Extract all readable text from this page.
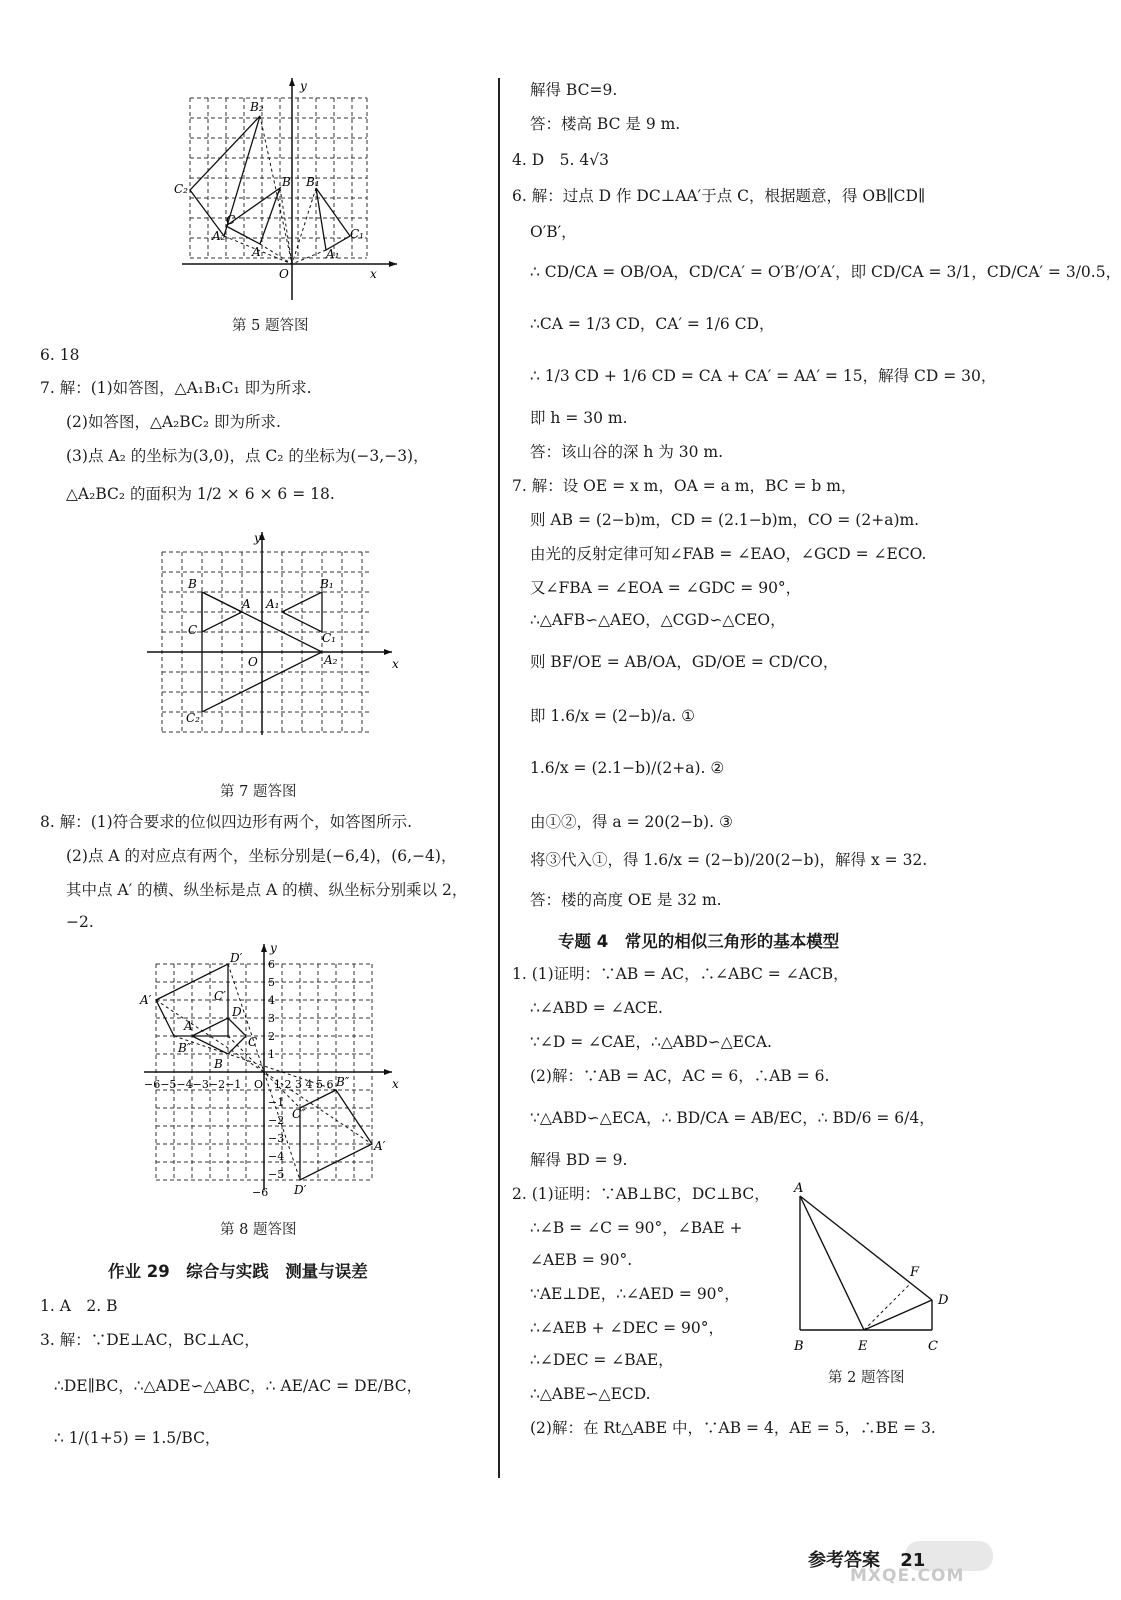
y
x
O
B₂
C₂
A₂
C
B
A
B₁
C₁
A₁
第 5 题答图
6. 18
7. 解：(1)如答图，△A₁B₁C₁ 即为所求.
(2)如答图，△A₂BC₂ 即为所求.
(3)点 A₂ 的坐标为(3,0)，点 C₂ 的坐标为(−3,−3)，
△A₂BC₂ 的面积为 1/2 × 6 × 6 = 18.
y
x
O
B	B₁
A A₁
C
C₁
A₂
C₂
第 7 题答图
8. 解：(1)符合要求的位似四边形有两个，如答图所示.
(2)点 A 的对应点有两个，坐标分别是(−6,4)，(6,−4)，
其中点 A′ 的横、纵坐标是点 A 的横、纵坐标分别乘以 2，
−2.
y
x
−6−5−4−3−2−1 O 1 2 3 4 5 6
6
5
4
3
2
1
−1
−2
−3
−4
−5
−6
A′
D′
C′
D
A
C
B″
B
B″
C″
A′
D′
第 8 题答图
作业 29　综合与实践　测量与误差
1. A　2. B
3. 解：∵DE⊥AC，BC⊥AC，
∴DE∥BC，∴△ADE∽△ABC，∴ AE/AC = DE/BC，
∴ 1/(1+5) = 1.5/BC，
解得 BC=9.
答：楼高 BC 是 9 m.
4. D　5. 4√3
6. 解：过点 D 作 DC⊥AA′于点 C，根据题意，得 OB∥CD∥
O′B′，
∴ CD/CA = OB/OA，CD/CA′ = O′B′/O′A′，即 CD/CA = 3/1，CD/CA′ = 3/0.5，
∴CA = 1/3 CD，CA′ = 1/6 CD，
∴ 1/3 CD + 1/6 CD = CA + CA′ = AA′ = 15，解得 CD = 30，
即 h = 30 m.
答：该山谷的深 h 为 30 m.
7. 解：设 OE = x m，OA = a m，BC = b m，
则 AB = (2−b)m，CD = (2.1−b)m，CO = (2+a)m.
由光的反射定律可知∠FAB = ∠EAO，∠GCD = ∠ECO.
又∠FBA = ∠EOA = ∠GDC = 90°，
∴△AFB∽△AEO，△CGD∽△CEO，
则 BF/OE = AB/OA，GD/OE = CD/CO，
即 1.6/x = (2−b)/a. ①
1.6/x = (2.1−b)/(2+a). ②
由①②，得 a = 20(2−b). ③
将③代入①，得 1.6/x = (2−b)/20(2−b)，解得 x = 32.
答：楼的高度 OE 是 32 m.
专题 4　常见的相似三角形的基本模型
1. (1)证明：∵AB = AC，∴∠ABC = ∠ACB，
∴∠ABD = ∠ACE.
∵∠D = ∠CAE，∴△ABD∽△ECA.
(2)解：∵AB = AC，AC = 6，∴AB = 6.
∵△ABD∽△ECA，∴ BD/CA = AB/EC，∴ BD/6 = 6/4，
解得 BD = 9.
2. (1)证明：∵AB⊥BC，DC⊥BC，
∴∠B = ∠C = 90°，∠BAE +
∠AEB = 90°.
∵AE⊥DE，∴∠AED = 90°，
∴∠AEB + ∠DEC = 90°，
∴∠DEC = ∠BAE，
∴△ABE∽△ECD.
(2)解：在 Rt△ABE 中，∵AB = 4，AE = 5，∴BE = 3.
A
B	E	C
D
F
第 2 题答图
参考答案 21
MXQE.COM
